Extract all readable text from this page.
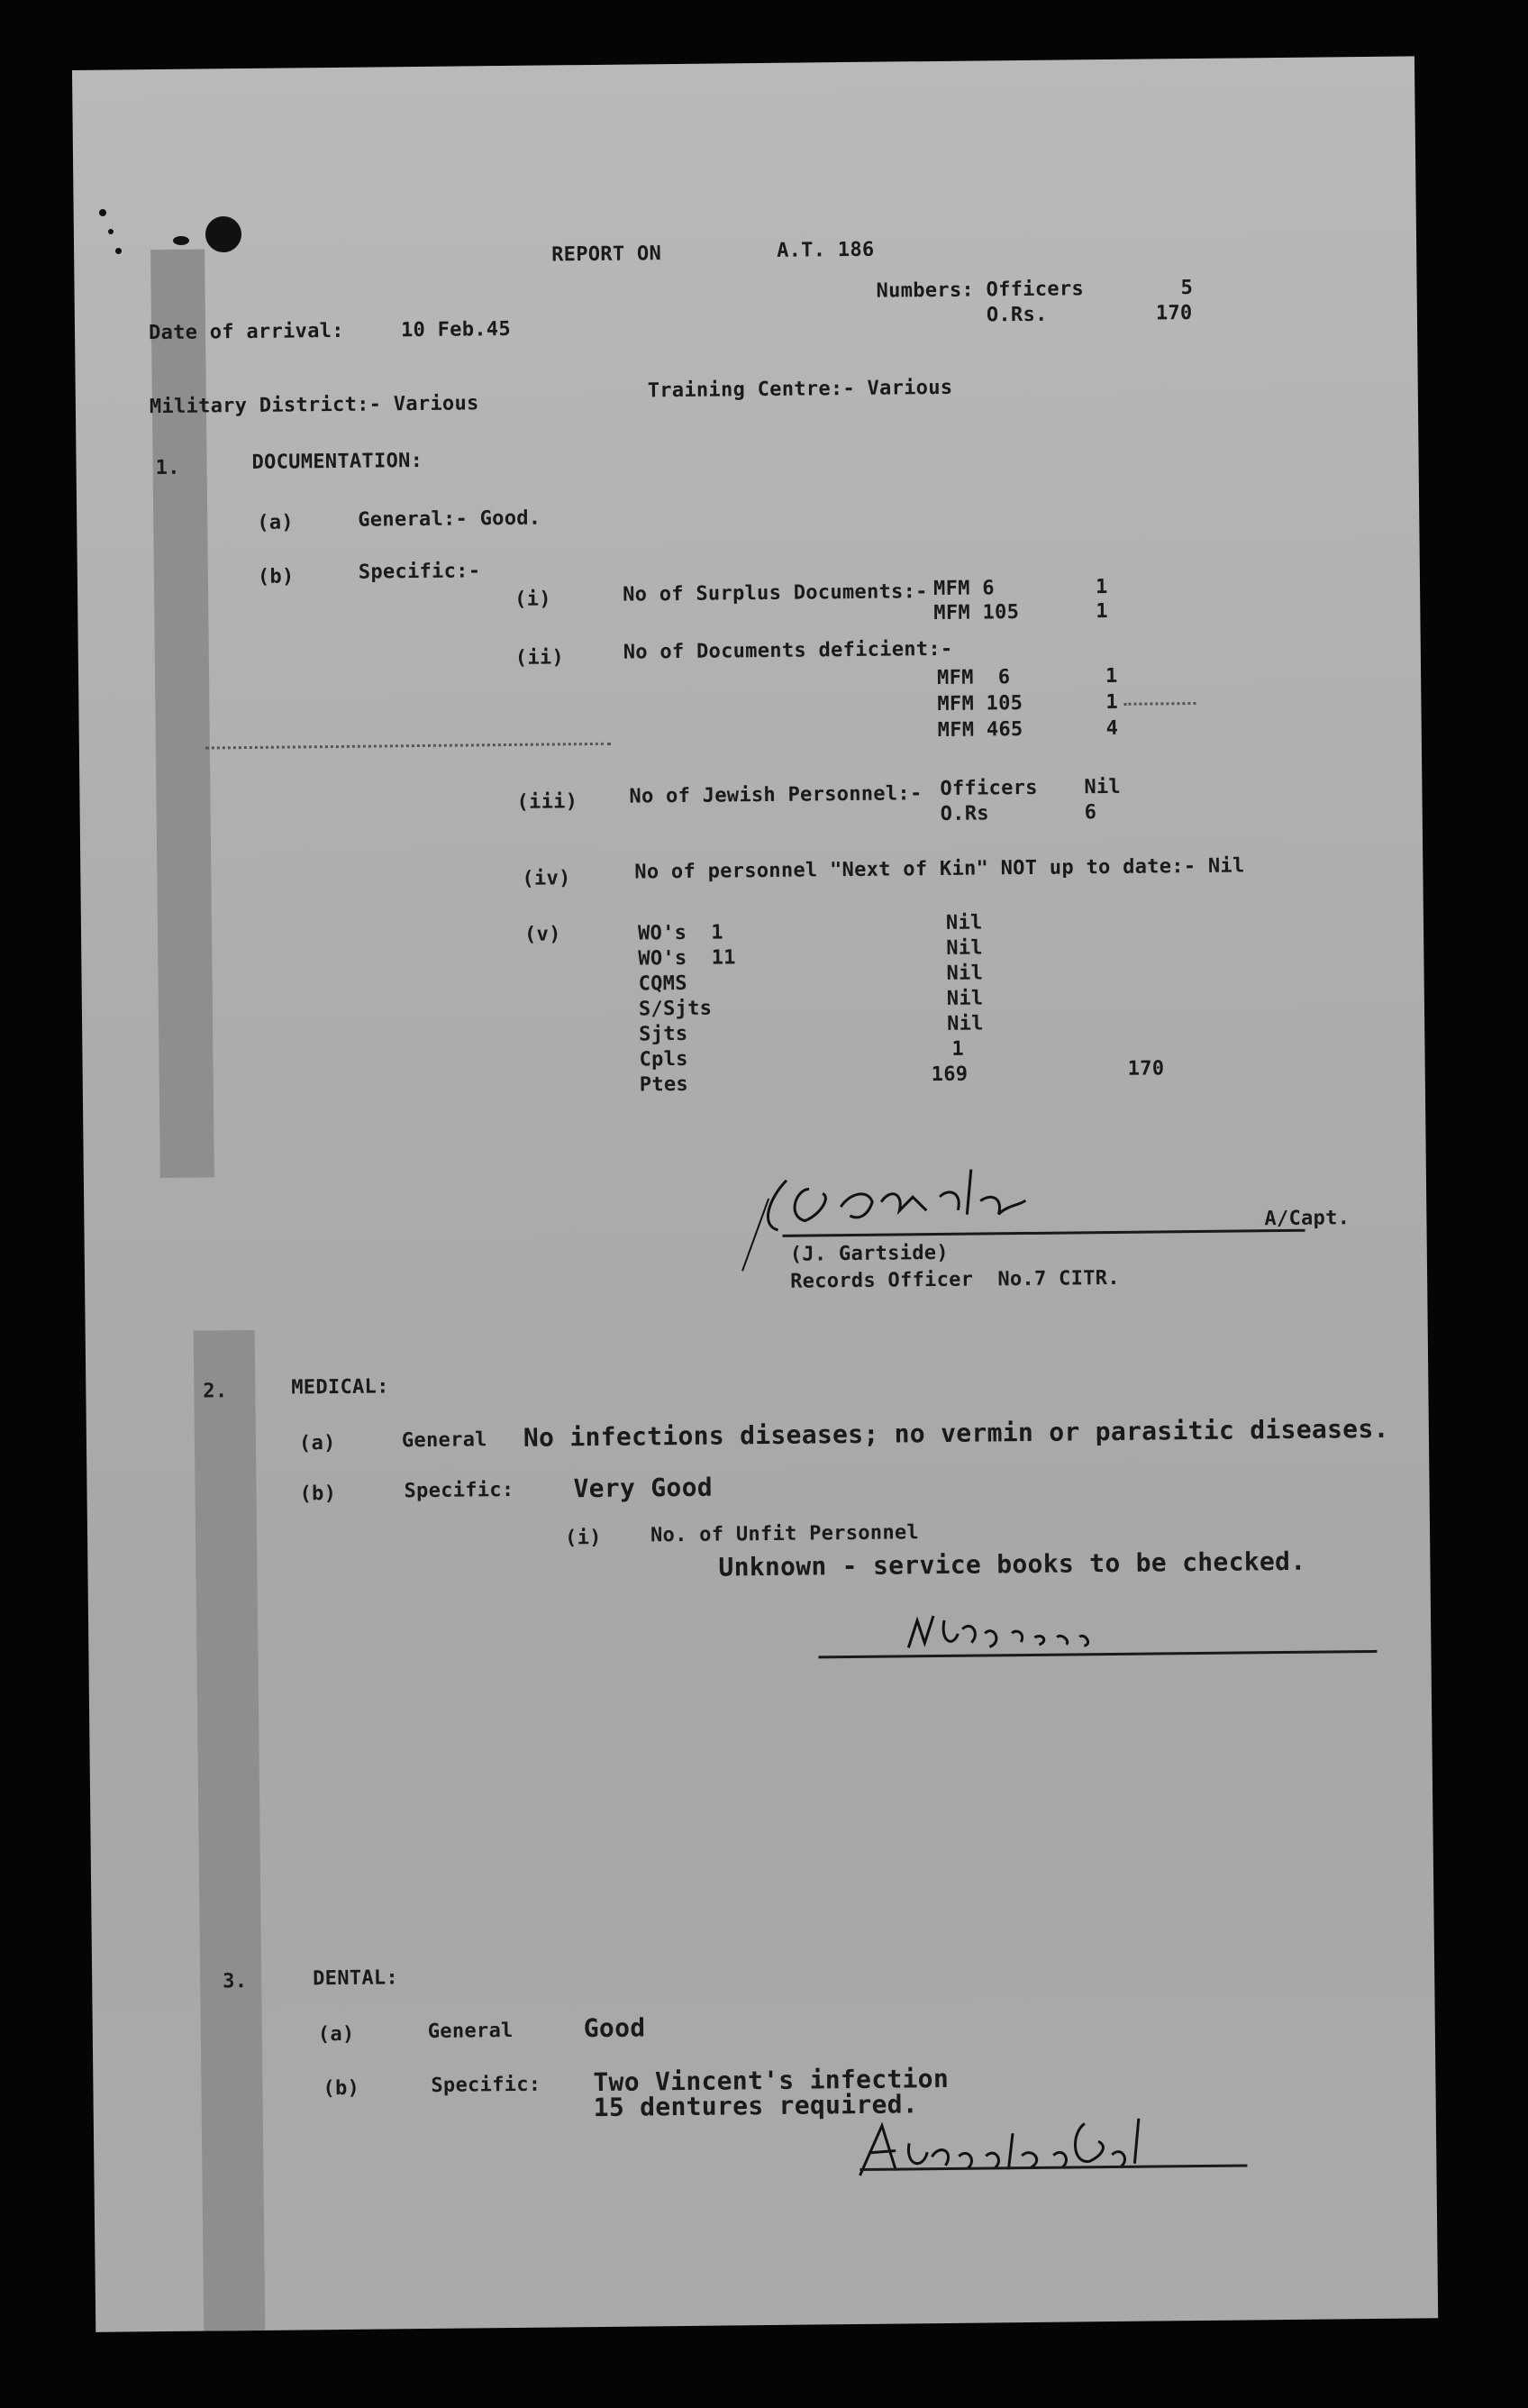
REPORT ON	A.T. 186
Numbers: Officers	5
O.Rs.	170
Date of arrival:	10 Feb.45
Military District:- Various
Training Centre:- Various
1.	DOCUMENTATION:
(a)	General:- Good.
(b)	Specific:-
(i)	No of Surplus Documents:- MFM 6	1
MFM 105	1
(ii)	No of Documents deficient:-
MFM  6	1
MFM 105	1
MFM 465	4
(iii)	No of Jewish Personnel:- Officers Nil
O.Rs	6
(iv)	No of personnel "Next of Kin" NOT up to date:- Nil
(v)	WO's  1	Nil
WO's  11	Nil
CQMS	Nil
S/Sjts	Nil
Sjts	Nil
Cpls	1
Ptes	169	170
A/Capt.
(J. Gartside)
Records Officer  No.7 CITR.
2.	MEDICAL:
(a)	General No infections diseases; no vermin or parasitic diseases.
(b)	Specific: Very Good
(i) No. of Unfit Personnel
Unknown - service books to be checked.
3.	DENTAL:
(a)	General	Good
(b)	Specific: Two Vincent's infection
15 dentures required.
